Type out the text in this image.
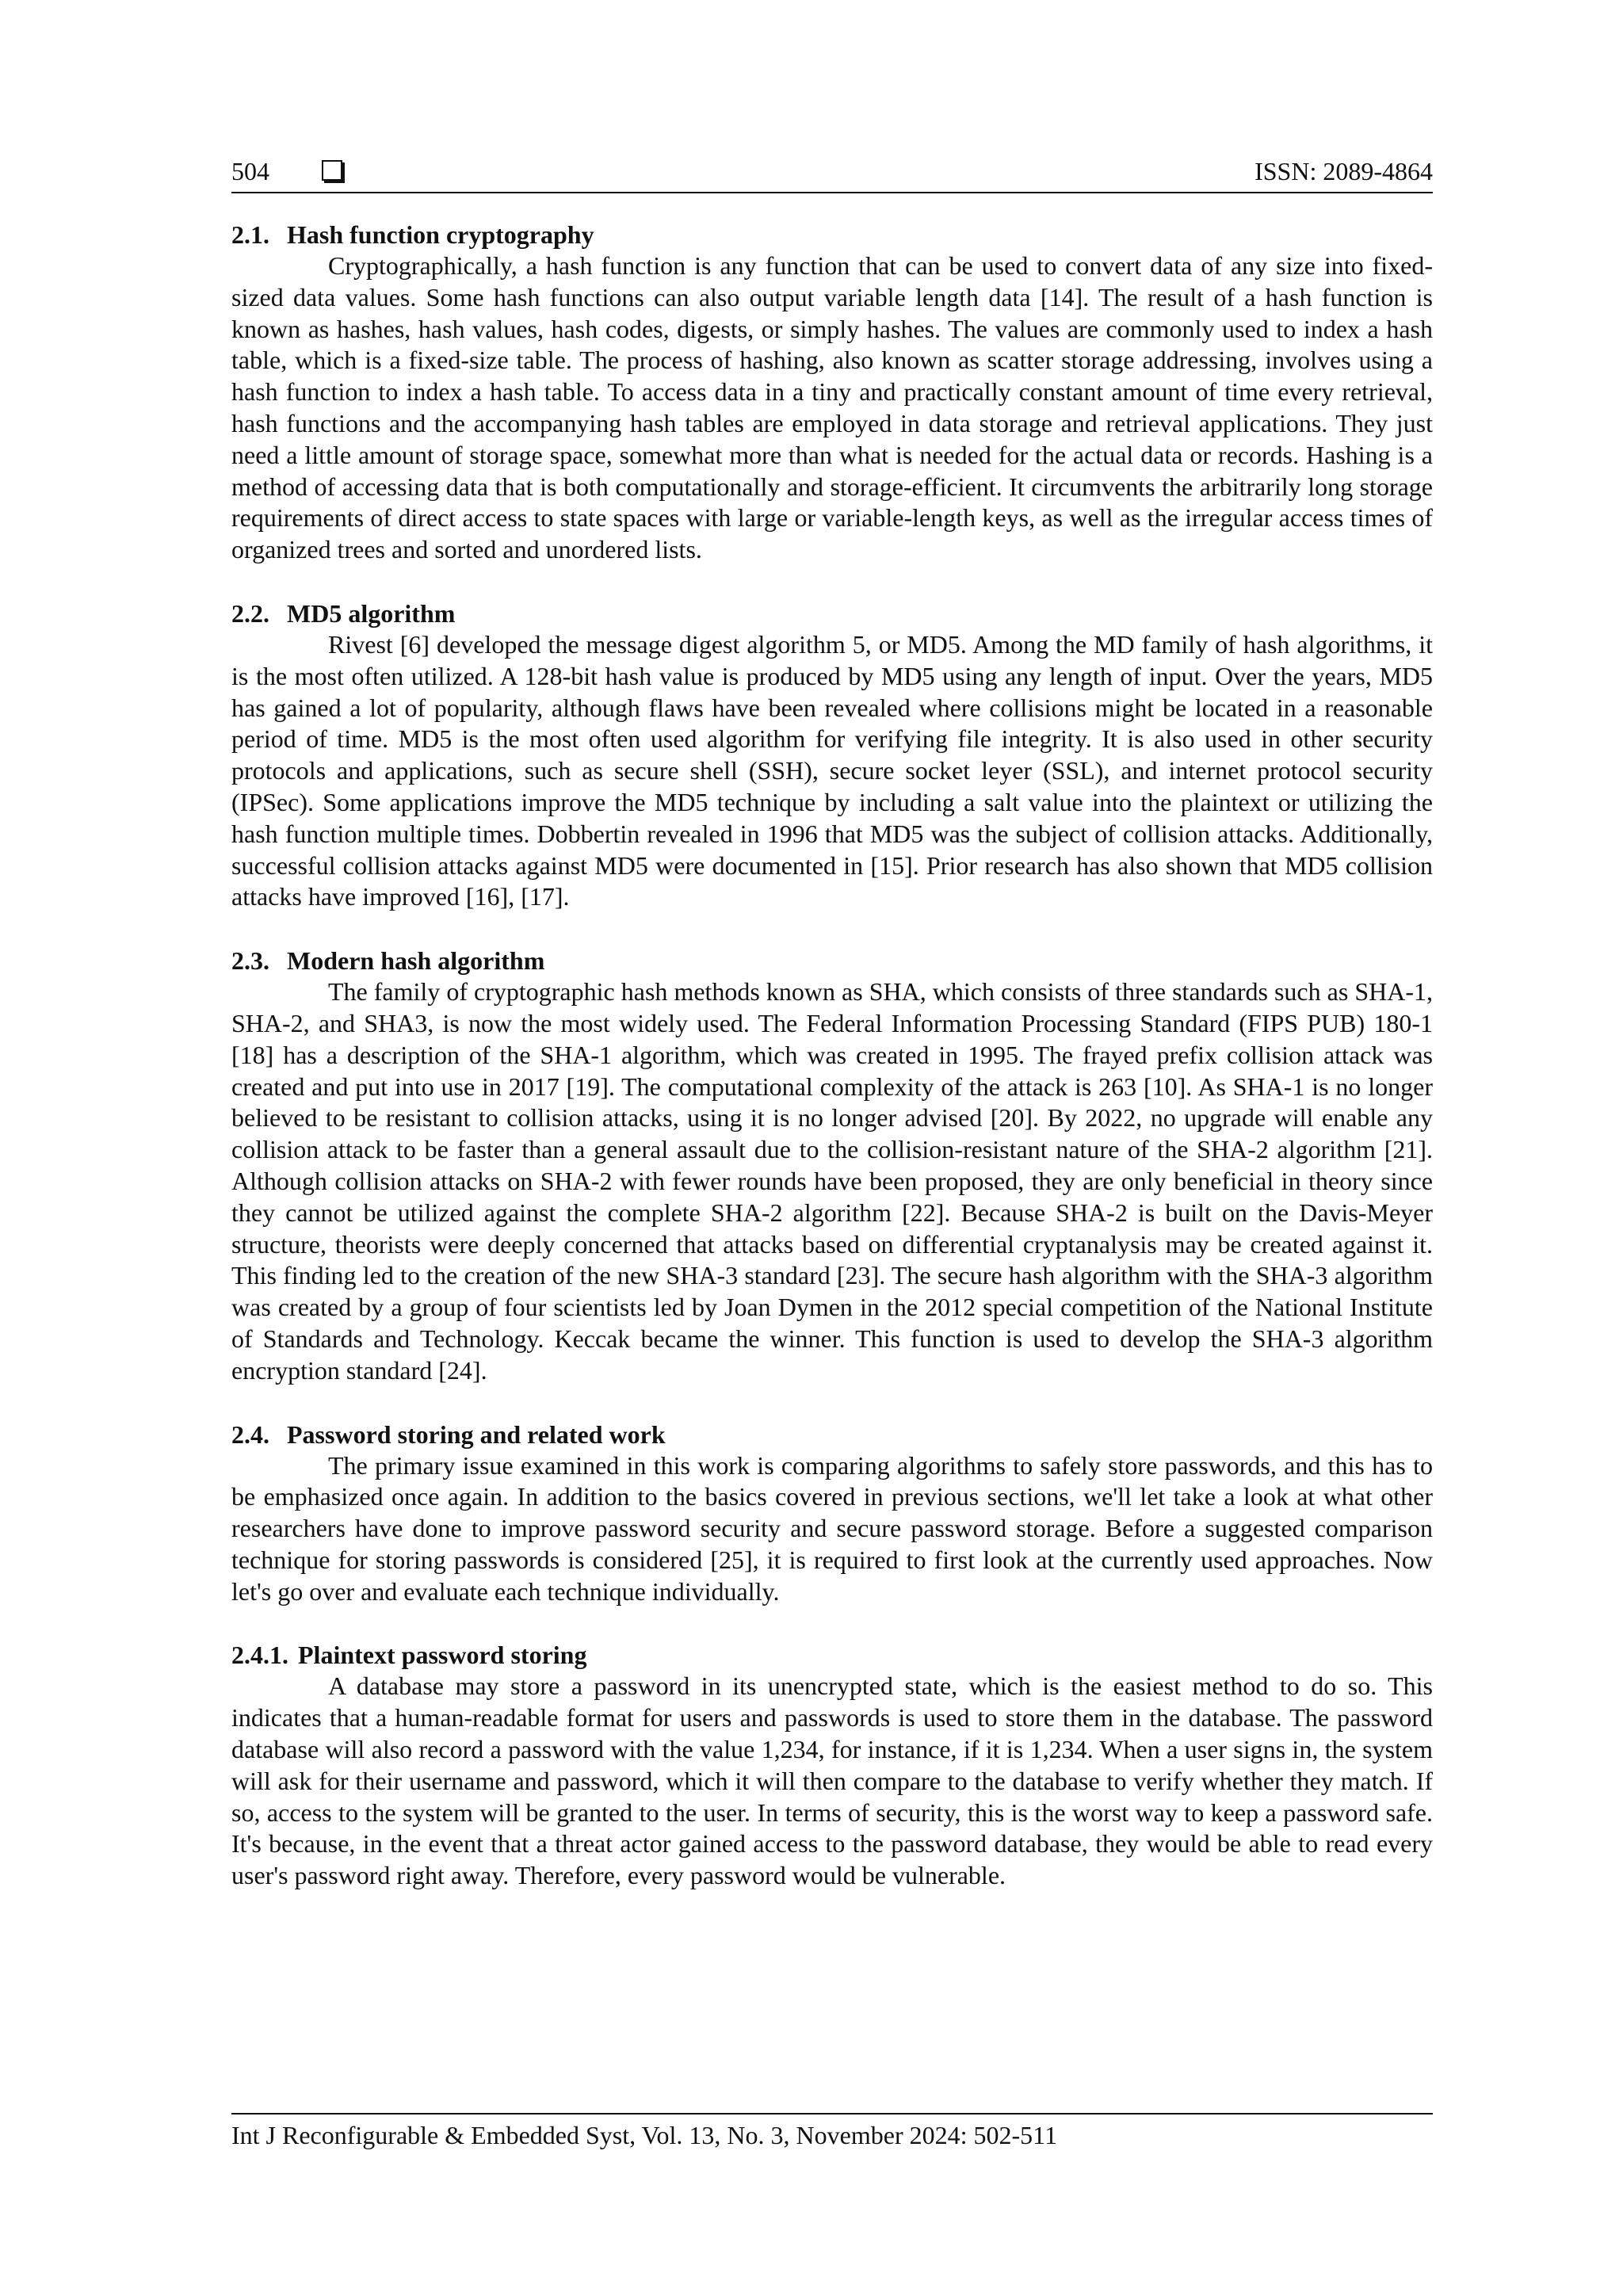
504	ISSN: 2089-4864

2.1. Hash function cryptography

Cryptographically, a hash function is any function that can be used to convert data of any size into fixed-sized data values. Some hash functions can also output variable length data [14]. The result of a hash function is known as hashes, hash values, hash codes, digests, or simply hashes. The values are commonly used to index a hash table, which is a fixed-size table. The process of hashing, also known as scatter storage addressing, involves using a hash function to index a hash table. To access data in a tiny and practically constant amount of time every retrieval, hash functions and the accompanying hash tables are employed in data storage and retrieval applications. They just need a little amount of storage space, somewhat more than what is needed for the actual data or records. Hashing is a method of accessing data that is both computationally and storage-efficient. It circumvents the arbitrarily long storage requirements of direct access to state spaces with large or variable-length keys, as well as the irregular access times of organized trees and sorted and unordered lists.

2.2. MD5 algorithm

Rivest [6] developed the message digest algorithm 5, or MD5. Among the MD family of hash algorithms, it is the most often utilized. A 128-bit hash value is produced by MD5 using any length of input. Over the years, MD5 has gained a lot of popularity, although flaws have been revealed where collisions might be located in a reasonable period of time. MD5 is the most often used algorithm for verifying file integrity. It is also used in other security protocols and applications, such as secure shell (SSH), secure socket leyer (SSL), and internet protocol security (IPSec). Some applications improve the MD5 technique by including a salt value into the plaintext or utilizing the hash function multiple times. Dobbertin revealed in 1996 that MD5 was the subject of collision attacks. Additionally, successful collision attacks against MD5 were documented in [15]. Prior research has also shown that MD5 collision attacks have improved [16], [17].

2.3. Modern hash algorithm

The family of cryptographic hash methods known as SHA, which consists of three standards such as SHA-1, SHA-2, and SHA3, is now the most widely used. The Federal Information Processing Standard (FIPS PUB) 180-1 [18] has a description of the SHA-1 algorithm, which was created in 1995. The frayed prefix collision attack was created and put into use in 2017 [19]. The computational complexity of the attack is 263 [10]. As SHA-1 is no longer believed to be resistant to collision attacks, using it is no longer advised [20]. By 2022, no upgrade will enable any collision attack to be faster than a general assault due to the collision-resistant nature of the SHA-2 algorithm [21]. Although collision attacks on SHA-2 with fewer rounds have been proposed, they are only beneficial in theory since they cannot be utilized against the complete SHA-2 algorithm [22]. Because SHA-2 is built on the Davis-Meyer structure, theorists were deeply concerned that attacks based on differential cryptanalysis may be created against it. This finding led to the creation of the new SHA-3 standard [23]. The secure hash algorithm with the SHA-3 algorithm was created by a group of four scientists led by Joan Dymen in the 2012 special competition of the National Institute of Standards and Technology. Keccak became the winner. This function is used to develop the SHA-3 algorithm encryption standard [24].

2.4. Password storing and related work

The primary issue examined in this work is comparing algorithms to safely store passwords, and this has to be emphasized once again. In addition to the basics covered in previous sections, we'll let take a look at what other researchers have done to improve password security and secure password storage. Before a suggested comparison technique for storing passwords is considered [25], it is required to first look at the currently used approaches. Now let's go over and evaluate each technique individually.

2.4.1. Plaintext password storing

A database may store a password in its unencrypted state, which is the easiest method to do so. This indicates that a human-readable format for users and passwords is used to store them in the database. The password database will also record a password with the value 1,234, for instance, if it is 1,234. When a user signs in, the system will ask for their username and password, which it will then compare to the database to verify whether they match. If so, access to the system will be granted to the user. In terms of security, this is the worst way to keep a password safe. It's because, in the event that a threat actor gained access to the password database, they would be able to read every user's password right away. Therefore, every password would be vulnerable.

Int J Reconfigurable & Embedded Syst, Vol. 13, No. 3, November 2024: 502-511
